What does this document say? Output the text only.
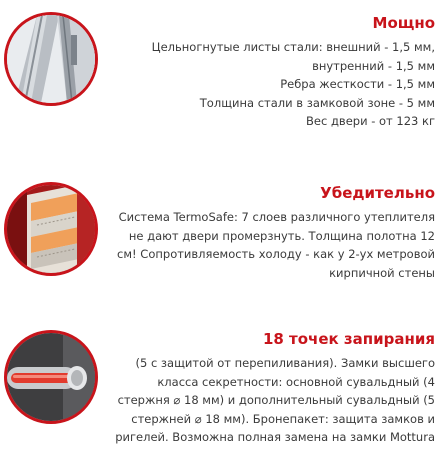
Мощно
Цельногнутые листы стали: внешний - 1,5 мм,
внутренний - 1,5 мм
Ребра жесткости - 1,5 мм
Толщина стали в замковой зоне - 5 мм
Вес двери - от 123 кг
Убедительно
Система TermoSafe: 7 слоев различного утеплителя
не дают двери промерзнуть. Толщина полотна 12
см! Сопротивляемость холоду - как у 2-ух метровой
кирпичной стены
18 точек запирания
(5 с защитой от перепиливания). Замки высшего
класса секретности: основной сувальдный (4
стержня ⌀ 18 мм) и дополнительный сувальдный (5
стержней ⌀ 18 мм). Бронепакет: защита замков и
ригелей. Возможна полная замена на замки Mottura
